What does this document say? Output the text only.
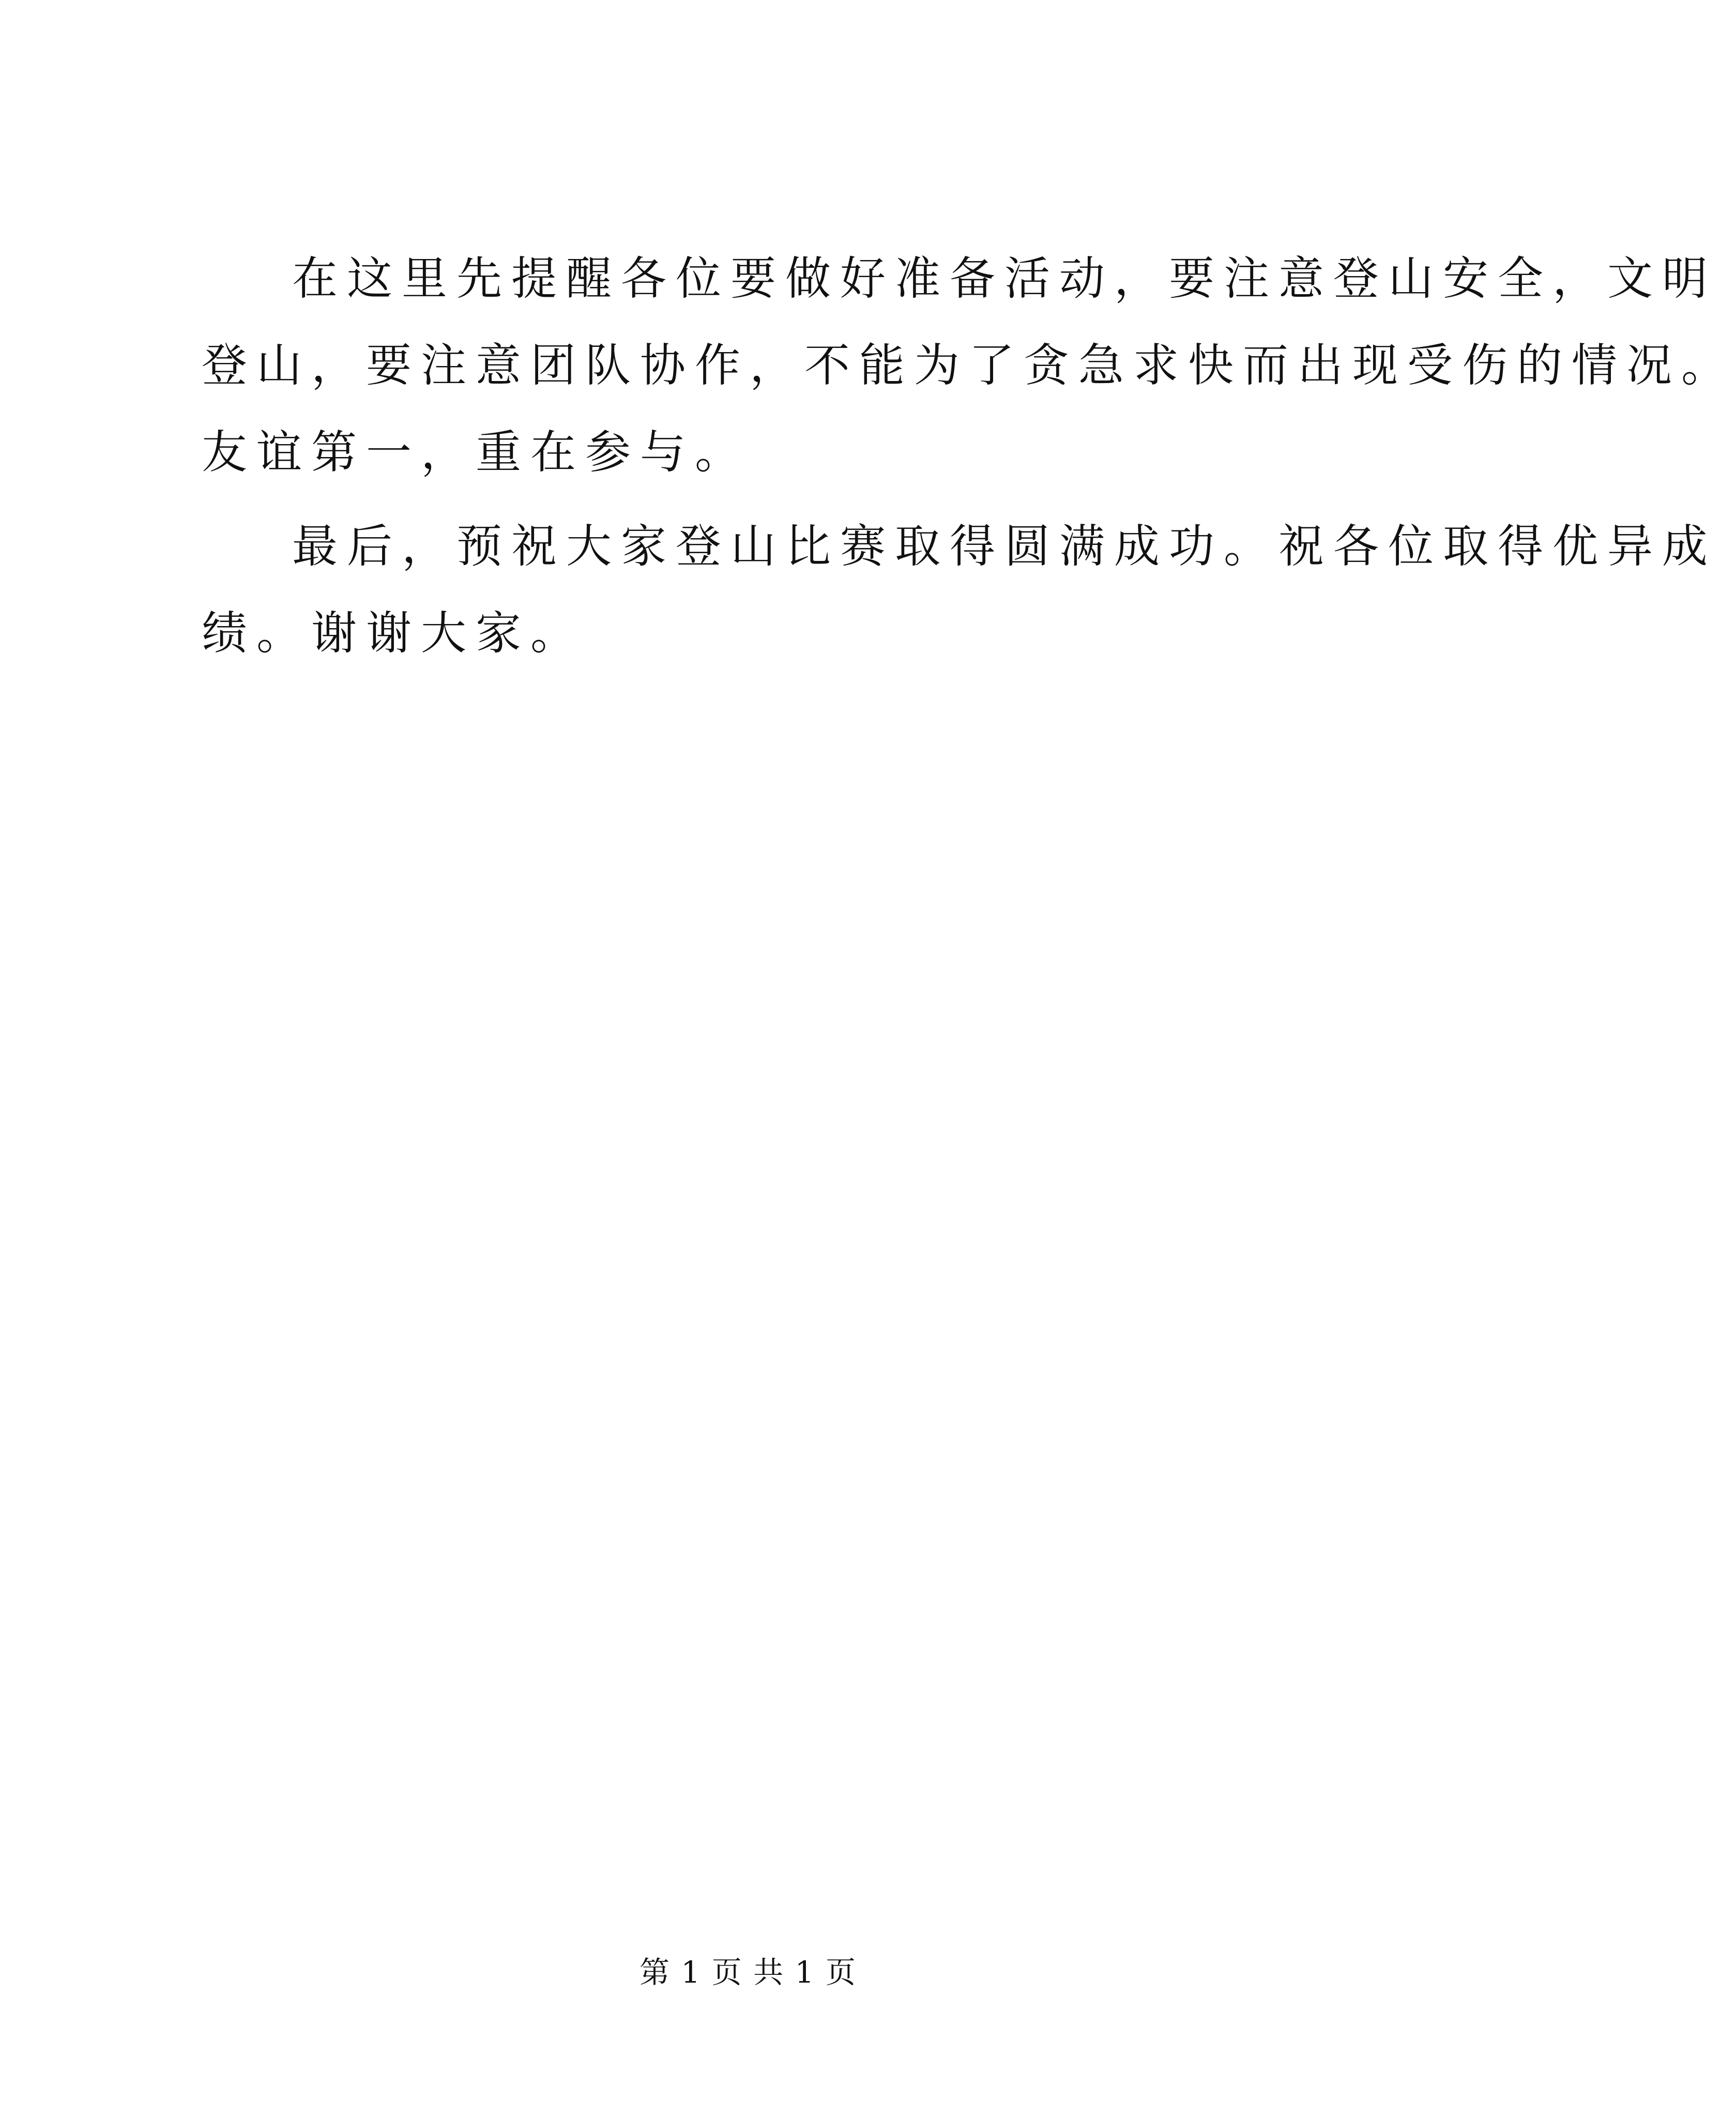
在这里先提醒各位要做好准备活动，要注意登山安全，文明
登山，要注意团队协作，不能为了贪急求快而出现受伤的情况。
友谊第一，重在参与。
最后，预祝大家登山比赛取得圆满成功。祝各位取得优异成
绩。谢谢大家。
第 1 页 共 1 页
